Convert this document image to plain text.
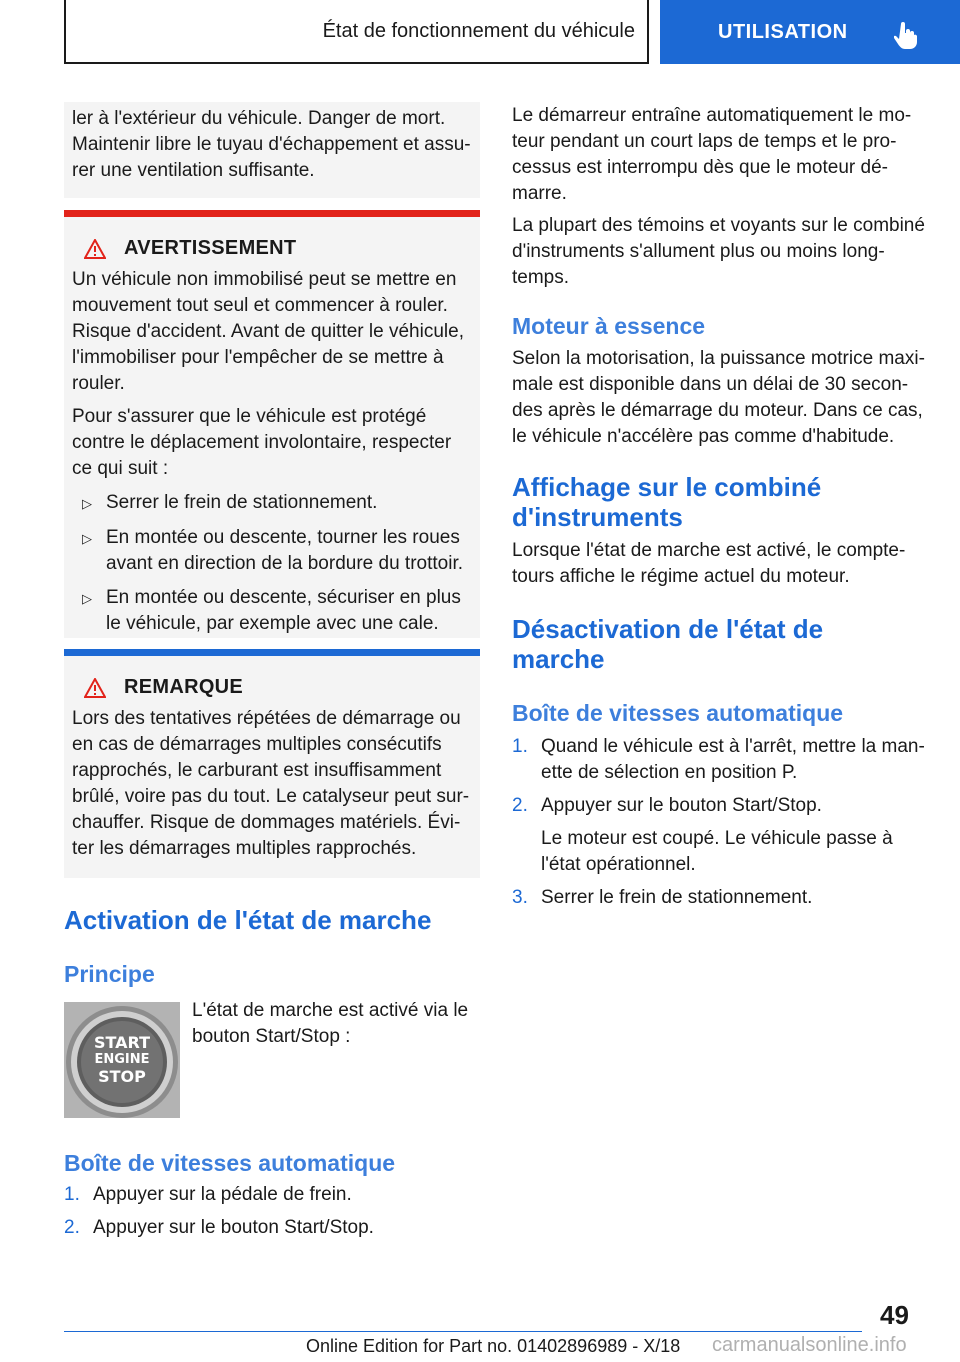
État de fonctionnement du véhicule	UTILISATION
ler à l'extérieur du véhicule. Danger de mort.
Maintenir libre le tuyau d'échappement et assu-
rer une ventilation suffisante.
AVERTISSEMENT
Un véhicule non immobilisé peut se mettre en
mouvement tout seul et commencer à rouler.
Risque d'accident. Avant de quitter le véhicule,
l'immobiliser pour l'empêcher de se mettre à
rouler.
Pour s'assurer que le véhicule est protégé
contre le déplacement involontaire, respecter
ce qui suit :
▷ Serrer le frein de stationnement.
▷ En montée ou descente, tourner les roues
avant en direction de la bordure du trottoir.
▷ En montée ou descente, sécuriser en plus
le véhicule, par exemple avec une cale.
REMARQUE
Lors des tentatives répétées de démarrage ou
en cas de démarrages multiples consécutifs
rapprochés, le carburant est insuffisamment
brûlé, voire pas du tout. Le catalyseur peut sur-
chauffer. Risque de dommages matériels. Évi-
ter les démarrages multiples rapprochés.
Activation de l'état de marche
Principe
START
ENGINE
STOP
L'état de marche est activé via le
bouton Start/Stop :
Boîte de vitesses automatique
1. Appuyer sur la pédale de frein.
2. Appuyer sur le bouton Start/Stop.
Le démarreur entraîne automatiquement le mo-
teur pendant un court laps de temps et le pro-
cessus est interrompu dès que le moteur dé-
marre.
La plupart des témoins et voyants sur le combiné
d'instruments s'allument plus ou moins long-
temps.
Moteur à essence
Selon la motorisation, la puissance motrice maxi-
male est disponible dans un délai de 30 secon-
des après le démarrage du moteur. Dans ce cas,
le véhicule n'accélère pas comme d'habitude.
Affichage sur le combiné
d'instruments
Lorsque l'état de marche est activé, le compte-
tours affiche le régime actuel du moteur.
Désactivation de l'état de
marche
Boîte de vitesses automatique
1. Quand le véhicule est à l'arrêt, mettre la man-
ette de sélection en position P.
2. Appuyer sur le bouton Start/Stop.
Le moteur est coupé. Le véhicule passe à
l'état opérationnel.
3. Serrer le frein de stationnement.
49
Online Edition for Part no. 01402896989 - X/18 carmanualsonline.info
